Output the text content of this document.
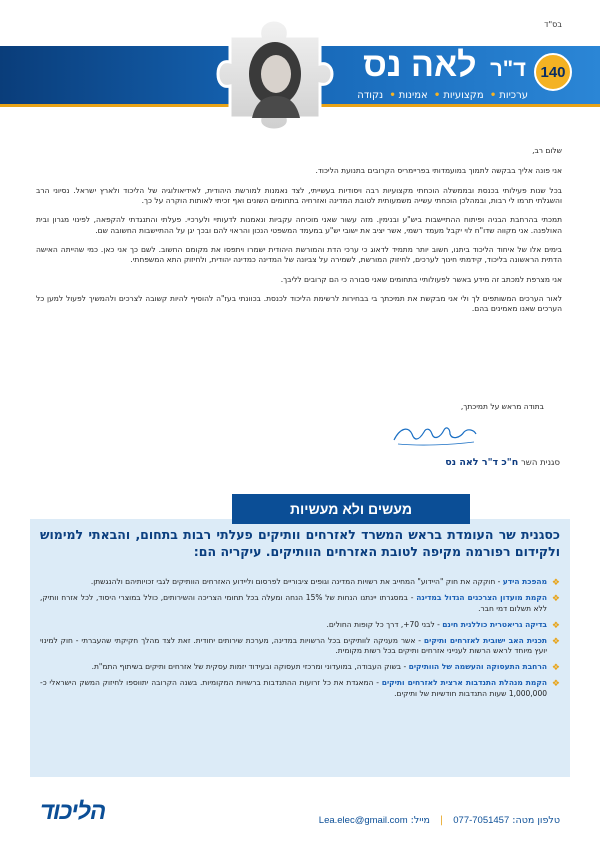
בס"ד
140
ד"ר לאה נס
ערכיות• מקצועיות• אמינות• נקודה

שלום רב,

אני פונה אליך בבקשה לתמוך במועמדותי בפריימריס הקרובים בתנועת הליכוד.

בכל שנות פעילותי בכנסת ובממשלה הוכחתי מקצועיות רבה ויסודיות בעשייתי, לצד נאמנות למורשת היהודית, לאידיאולוגיה של הליכוד ולארץ ישראל. נסיוני הרב והשגלתי תרמו לי רבות, ובמהלכן הוכחתי עשייה משמעותית לטובת המדינה ואזרחיה בתחומים השונים ואף זכיתי לאותות הוקרה על כך.

תמכתי בהרחבת הבניה ופיתוח ההתיישבות ביש"ע ובנימין. מזה עשור שאני מוכיחה עקביות ונאמנות לדעותיי ולערכיי. פעלתי והתנגדתי להקפאה, לפינוי מגרון ובית האולפנה. אני מקווה שדו"ח לוי יקבל מעמד רשמי, אשר יציב את ישובי יש"ע במעמד המשפטי הנכון והראוי להם ובכך יגן על ההתיישבות החשובה שם.

בימים אלו של איחוד הליכוד ביתנו, חשוב יותר מתמיד לדאוג כי ערכי הדת והמורשת היהודית ישמרו ויתפסו את מקומם החשוב. לשם כך אני כאן. כמי שהייתה האישה הדתית הראשונה בליכוד, קידמתי חינוך לערכים, לחיזוק המורשת, לשמירה על צביונה של המדינה כמדינה יהודית, ולחיזוק התא המשפחתי.

אני מצרפת למכתב זה מידע באשר לפעולותיי בתחומים שאני סבורה כי הם קרובים לליבך.

לאור הערכים המשותפים לך ולי אני מבקשת את תמיכתך בי בבחירות לרשימת הליכוד לכנסת. בכוונתי בעז"ה להוסיף להיות קשובה לצרכים ולהמשיך לפעול למען כל הערכים שאנו מאמינים בהם.

בתודה מראש על תמיכתך,
סגנית השר ח"כ ד"ר לאה נס
מעשים ולא מעשיות
כסגנית שר העומדת בראש המשרד לאזרחים וותיקים פעלתי רבות בתחום, והבאתי למימוש ולקידום רפורמה מקיפה לטובת האזרחים הוותיקים. עיקריה הם:
❖
מהפכת הידע - חוקקה את חוק "היידוע" המחייב את רשויות המדינה וגופים ציבוריים לפרסום וליידוע האזרחים הוותיקים לגבי זכויותיהם ולהנגשתן.
❖
הקמת מועדון הצרכנים הגדול במדינה - במסגרתו יינתנו הנחות של 15% הנחה ומעלה בכל תחומי הצריכה והשירותים, כולל במוצרי היסוד, לכל אזרח וותיק, ללא תשלום דמי חבר.
❖
בדיקה גריאטרית כוללנית חינם - לבני 70+, דרך כל קופות החולים.
❖
תכנית האב ישובית לאזרחים ותיקים - אשר מעניקה לוותיקים בכל הרשויות במדינה, מערכת שירותים יחודית. זאת לצד מהלך חקיקתי שהעברתי - חוק למינוי יועץ מיוחד לראש הרשות לענייני אזרחים ותיקים בכל רשות מקומית.
❖
הרחבת התעסוקה והעשמה של הוותיקים - בשוק העבודה, במועדוני ומרכזי תעסוקה ובעידוד יזמות עסקית של אזרחים ותיקים בשיתוף התמ"ת.
❖
הקמת מנהלת התנדבות ארצית לאזרחים ותיקים - המאגדת את כל זרועות ההתנדבות ברשויות המקומיות. בשנה הקרובה יתווספו לחיזוק המשק הישראלי כ- 1,000,000 שעות התנדבות חודשיות של ותיקים.
טלפון מטה: 077-7051457 | מייל: Lea.elec@gmail.com
הליכוד
